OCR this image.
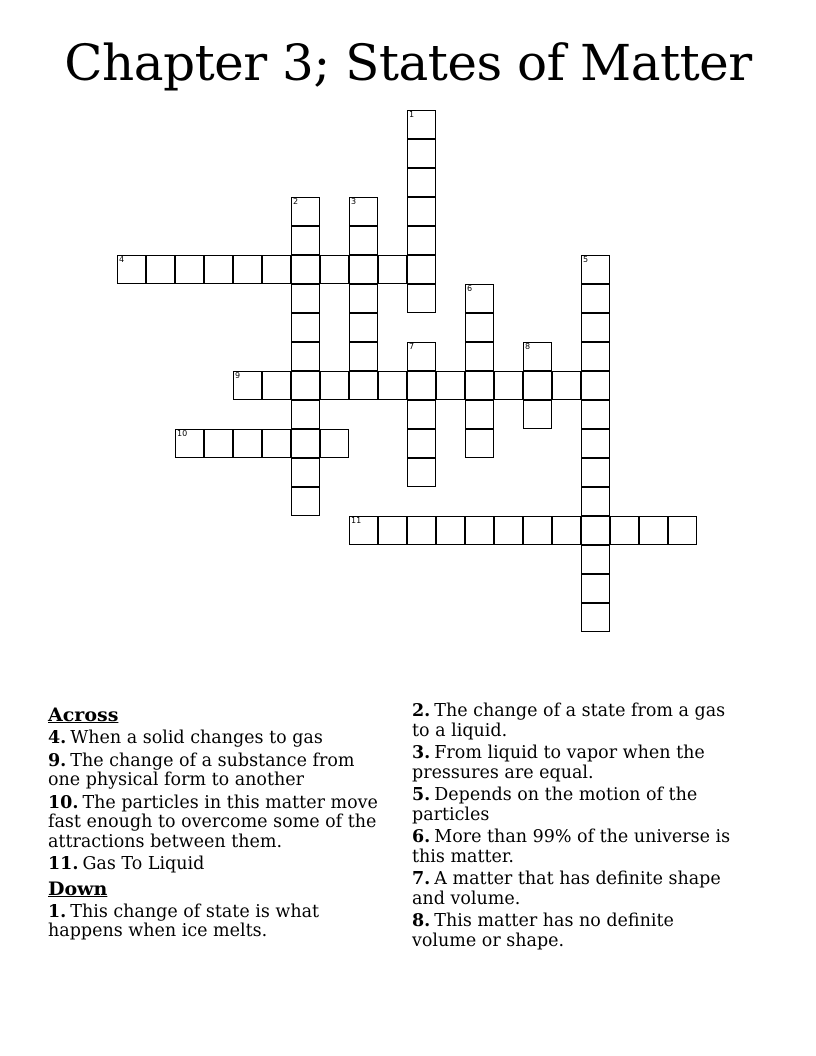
Chapter 3; States of Matter
1
2	3
4	5
6
7	8
9
10
11
Across
4. When a solid changes to gas
9. The change of a substance from one physical form to another
10. The particles in this matter move fast enough to overcome some of the attractions between them.
11. Gas To Liquid
Down
1. This change of state is what happens when ice melts.
2. The change of a state from a gas to a liquid.
3. From liquid to vapor when the pressures are equal.
5. Depends on the motion of the particles
6. More than 99% of the universe is this matter.
7. A matter that has definite shape and volume.
8. This matter has no definite volume or shape.
